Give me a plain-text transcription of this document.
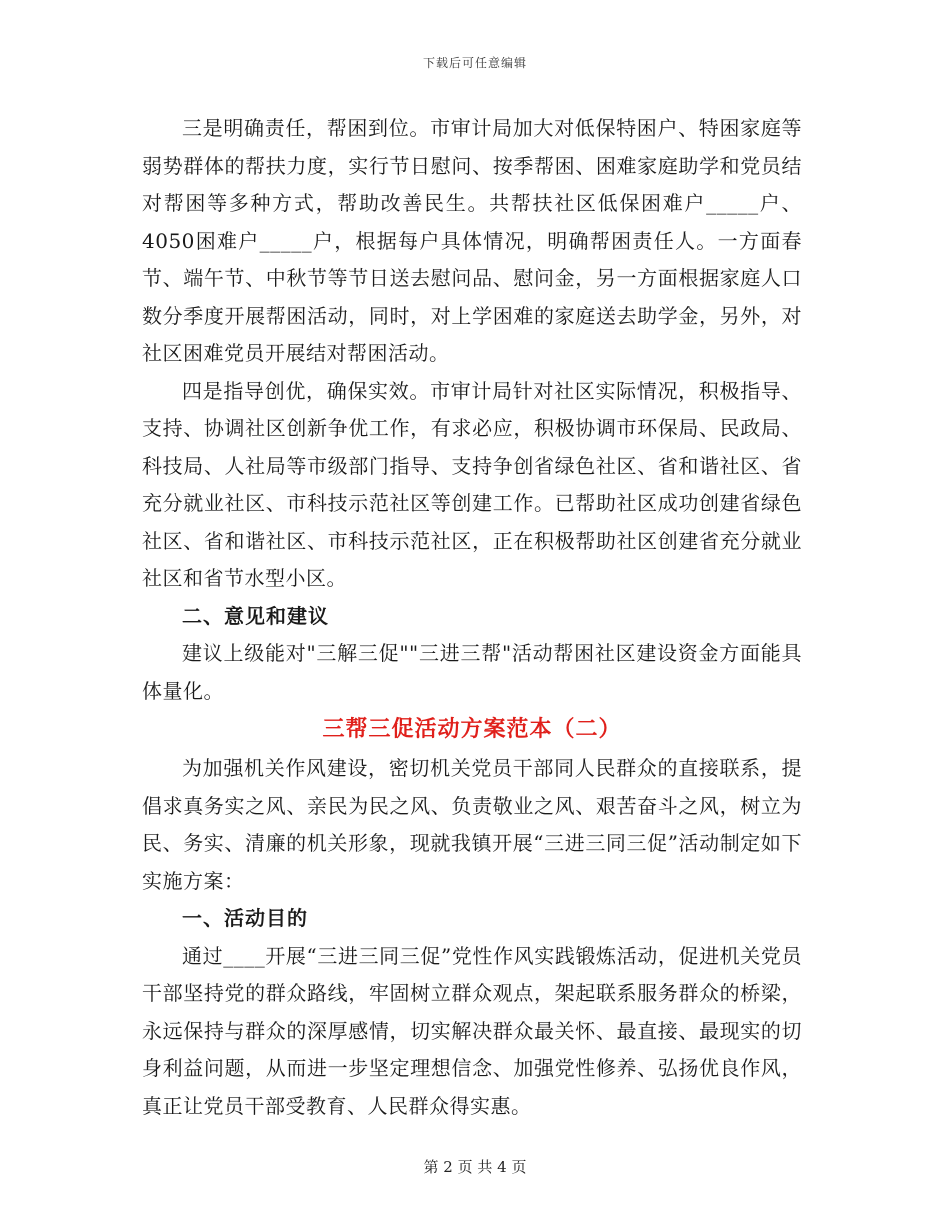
下载后可任意编辑

三是明确责任，帮困到位。市审计局加大对低保特困户、特困家庭等弱势群体的帮扶力度，实行节日慰问、按季帮困、困难家庭助学和党员结对帮困等多种方式，帮助改善民生。共帮扶社区低保困难户_____户、4050困难户_____户，根据每户具体情况，明确帮困责任人。一方面春节、端午节、中秋节等节日送去慰问品、慰问金，另一方面根据家庭人口数分季度开展帮困活动，同时，对上学困难的家庭送去助学金，另外，对社区困难党员开展结对帮困活动。

四是指导创优，确保实效。市审计局针对社区实际情况，积极指导、支持、协调社区创新争优工作，有求必应，积极协调市环保局、民政局、科技局、人社局等市级部门指导、支持争创省绿色社区、省和谐社区、省充分就业社区、市科技示范社区等创建工作。已帮助社区成功创建省绿色社区、省和谐社区、市科技示范社区，正在积极帮助社区创建省充分就业社区和省节水型小区。

二、意见和建议

建议上级能对"三解三促""三进三帮"活动帮困社区建设资金方面能具体量化。

三帮三促活动方案范本（二）

为加强机关作风建设，密切机关党员干部同人民群众的直接联系，提倡求真务实之风、亲民为民之风、负责敬业之风、艰苦奋斗之风，树立为民、务实、清廉的机关形象，现就我镇开展“三进三同三促”活动制定如下实施方案：

一、活动目的

通过____开展“三进三同三促”党性作风实践锻炼活动，促进机关党员干部坚持党的群众路线，牢固树立群众观点，架起联系服务群众的桥梁，永远保持与群众的深厚感情，切实解决群众最关怀、最直接、最现实的切身利益问题，从而进一步坚定理想信念、加强党性修养、弘扬优良作风，真正让党员干部受教育、人民群众得实惠。

第 2 页 共 4 页
